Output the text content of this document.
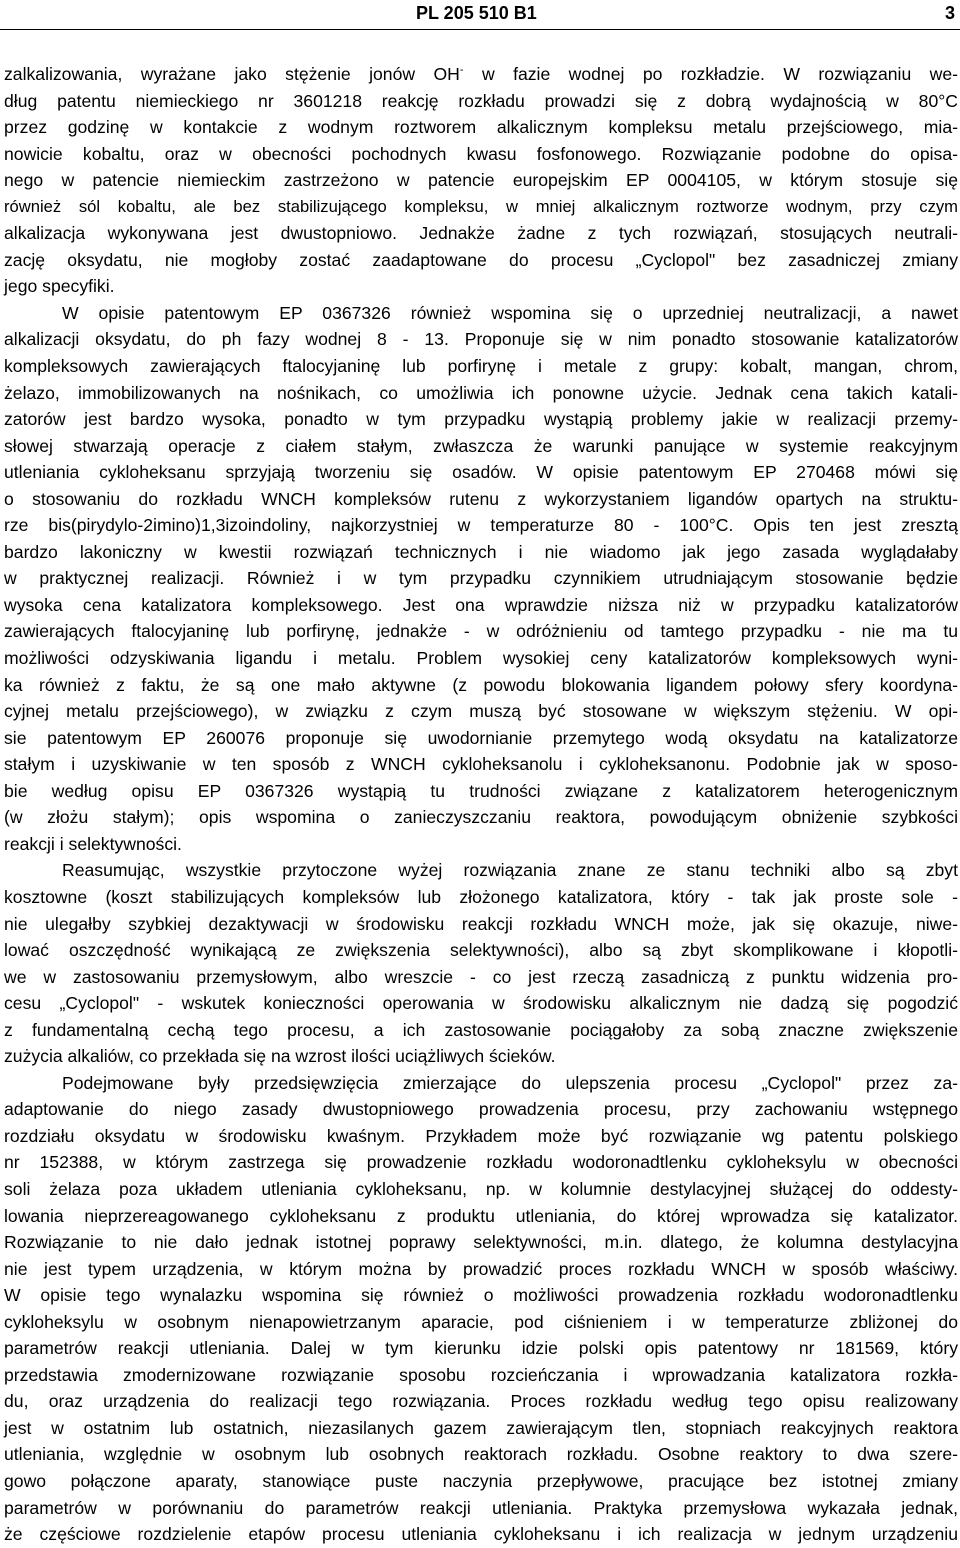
PL 205 510 B1	3
zalkalizowania, wyrażane jako stężenie jonów OH- w fazie wodnej po rozkładzie. W rozwiązaniu we-
dług patentu niemieckiego nr 3601218 reakcję rozkładu prowadzi się z dobrą wydajnością w 80°C
przez godzinę w kontakcie z wodnym roztworem alkalicznym kompleksu metalu przejściowego, mia-
nowicie kobaltu, oraz w obecności pochodnych kwasu fosfonowego. Rozwiązanie podobne do opisa-
nego w patencie niemieckim zastrzeżono w patencie europejskim EP 0004105, w którym stosuje się
również sól kobaltu, ale bez stabilizującego kompleksu, w mniej alkalicznym roztworze wodnym, przy czym
alkalizacja wykonywana jest dwustopniowo. Jednakże żadne z tych rozwiązań, stosujących neutrali-
zację oksydatu, nie mogłoby zostać zaadaptowane do procesu „Cyclopol" bez zasadniczej zmiany
jego specyfiki.
W opisie patentowym EP 0367326 również wspomina się o uprzedniej neutralizacji, a nawet
alkalizacji oksydatu, do ph fazy wodnej 8 - 13. Proponuje się w nim ponadto stosowanie katalizatorów
kompleksowych zawierających ftalocyjaninę lub porfirynę i metale z grupy: kobalt, mangan, chrom,
żelazo, immobilizowanych na nośnikach, co umożliwia ich ponowne użycie. Jednak cena takich katali-
zatorów jest bardzo wysoka, ponadto w tym przypadku wystąpią problemy jakie w realizacji przemy-
słowej stwarzają operacje z ciałem stałym, zwłaszcza że warunki panujące w systemie reakcyjnym
utleniania cykloheksanu sprzyjają tworzeniu się osadów. W opisie patentowym EP 270468 mówi się
o stosowaniu do rozkładu WNCH kompleksów rutenu z wykorzystaniem ligandów opartych na struktu-
rze bis(pirydylo-2imino)1,3izoindoliny, najkorzystniej w temperaturze 80 - 100°C. Opis ten jest zresztą
bardzo lakoniczny w kwestii rozwiązań technicznych i nie wiadomo jak jego zasada wyglądałaby
w praktycznej realizacji. Również i w tym przypadku czynnikiem utrudniającym stosowanie będzie
wysoka cena katalizatora kompleksowego. Jest ona wprawdzie niższa niż w przypadku katalizatorów
zawierających ftalocyjaninę lub porfirynę, jednakże - w odróżnieniu od tamtego przypadku - nie ma tu
możliwości odzyskiwania ligandu i metalu. Problem wysokiej ceny katalizatorów kompleksowych wyni-
ka również z faktu, że są one mało aktywne (z powodu blokowania ligandem połowy sfery koordyna-
cyjnej metalu przejściowego), w związku z czym muszą być stosowane w większym stężeniu. W opi-
sie patentowym EP 260076 proponuje się uwodornianie przemytego wodą oksydatu na katalizatorze
stałym i uzyskiwanie w ten sposób z WNCH cykloheksanolu i cykloheksanonu. Podobnie jak w sposo-
bie według opisu EP 0367326 wystąpią tu trudności związane z katalizatorem heterogenicznym
(w złożu stałym); opis wspomina o zanieczyszczaniu reaktora, powodującym obniżenie szybkości
reakcji i selektywności.
Reasumując, wszystkie przytoczone wyżej rozwiązania znane ze stanu techniki albo są zbyt
kosztowne (koszt stabilizujących kompleksów lub złożonego katalizatora, który - tak jak proste sole -
nie ulegałby szybkiej dezaktywacji w środowisku reakcji rozkładu WNCH może, jak się okazuje, niwe-
lować oszczędność wynikającą ze zwiększenia selektywności), albo są zbyt skomplikowane i kłopotli-
we w zastosowaniu przemysłowym, albo wreszcie - co jest rzeczą zasadniczą z punktu widzenia pro-
cesu „Cyclopol" - wskutek konieczności operowania w środowisku alkalicznym nie dadzą się pogodzić
z fundamentalną cechą tego procesu, a ich zastosowanie pociągałoby za sobą znaczne zwiększenie
zużycia alkaliów, co przekłada się na wzrost ilości uciążliwych ścieków.
Podejmowane były przedsięwzięcia zmierzające do ulepszenia procesu „Cyclopol" przez za-
adaptowanie do niego zasady dwustopniowego prowadzenia procesu, przy zachowaniu wstępnego
rozdziału oksydatu w środowisku kwaśnym. Przykładem może być rozwiązanie wg patentu polskiego
nr 152388, w którym zastrzega się prowadzenie rozkładu wodoronadtlenku cykloheksylu w obecności
soli żelaza poza układem utleniania cykloheksanu, np. w kolumnie destylacyjnej służącej do oddesty-
lowania nieprzereagowanego cykloheksanu z produktu utleniania, do której wprowadza się katalizator.
Rozwiązanie to nie dało jednak istotnej poprawy selektywności, m.in. dlatego, że kolumna destylacyjna
nie jest typem urządzenia, w którym można by prowadzić proces rozkładu WNCH w sposób właściwy.
W opisie tego wynalazku wspomina się również o możliwości prowadzenia rozkładu wodoronadtlenku
cykloheksylu w osobnym nienapowietrzanym aparacie, pod ciśnieniem i w temperaturze zbliżonej do
parametrów reakcji utleniania. Dalej w tym kierunku idzie polski opis patentowy nr 181569, który
przedstawia zmodernizowane rozwiązanie sposobu rozcieńczania i wprowadzania katalizatora rozkła-
du, oraz urządzenia do realizacji tego rozwiązania. Proces rozkładu według tego opisu realizowany
jest w ostatnim lub ostatnich, niezasilanych gazem zawierającym tlen, stopniach reakcyjnych reaktora
utleniania, względnie w osobnym lub osobnych reaktorach rozkładu. Osobne reaktory to dwa szere-
gowo połączone aparaty, stanowiące puste naczynia przepływowe, pracujące bez istotnej zmiany
parametrów w porównaniu do parametrów reakcji utleniania. Praktyka przemysłowa wykazała jednak,
że częściowe rozdzielenie etapów procesu utleniania cykloheksanu i ich realizacja w jednym urządzeniu
